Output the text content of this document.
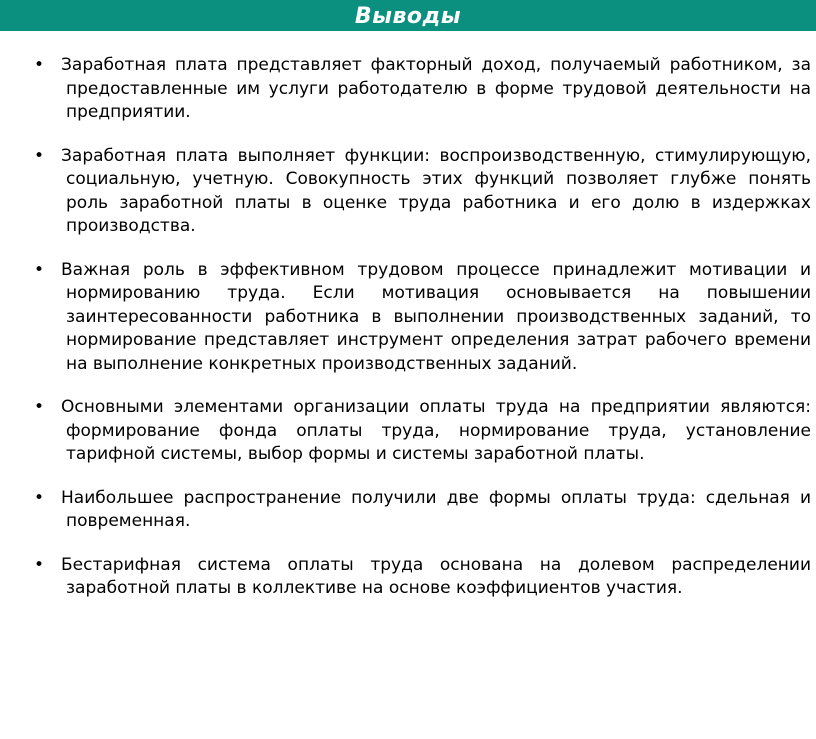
Выводы
• Заработная плата представляет факторный доход, получаемый работником, за предоставленные им услуги работодателю в форме трудовой деятельности на предприятии.
• Заработная плата выполняет функции: воспроизводственную, стимулирующую, социальную, учетную. Совокупность этих функций позволяет глубже понять роль заработной платы в оценке труда работника и его долю в издержках производства.
• Важная роль в эффективном трудовом процессе принадлежит мотивации и нормированию труда. Если мотивация основывается на повышении заинтересованности работника в выполнении производственных заданий, то нормирование представляет инструмент определения затрат рабочего времени на выполнение конкретных производственных заданий.
• Основными элементами организации оплаты труда на предприятии являются: формирование фонда оплаты труда, нормирование труда, установление тарифной системы, выбор формы и системы заработной платы.
• Наибольшее распространение получили две формы оплаты труда: сдельная и повременная.
• Бестарифная система оплаты труда основана на долевом распределении заработной платы в коллективе на основе коэффициентов участия.
